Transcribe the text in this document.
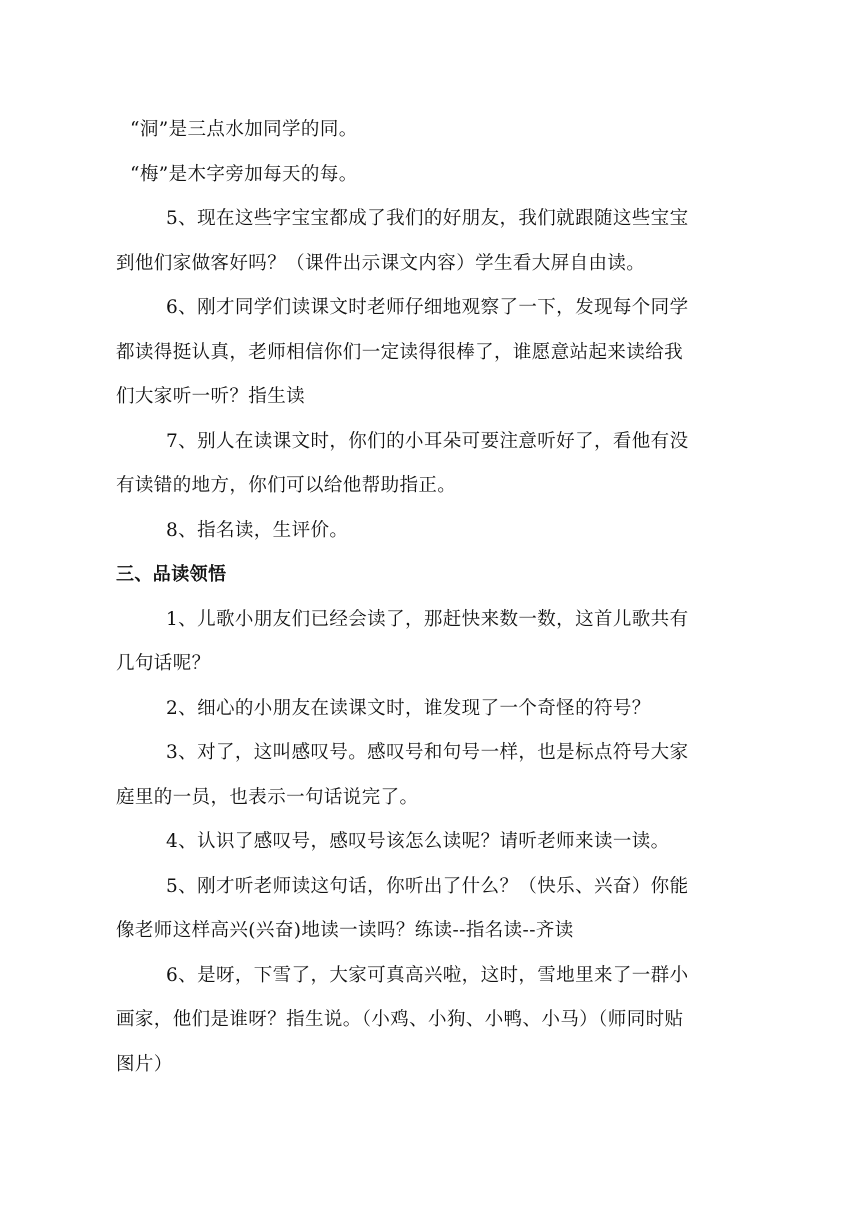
“洞”是三点水加同学的同。
“梅”是木字旁加每天的每。
5、现在这些字宝宝都成了我们的好朋友，我们就跟随这些宝宝
到他们家做客好吗？（课件出示课文内容）学生看大屏自由读。
6、刚才同学们读课文时老师仔细地观察了一下，发现每个同学
都读得挺认真，老师相信你们一定读得很棒了，谁愿意站起来读给我
们大家听一听？指生读
7、别人在读课文时，你们的小耳朵可要注意听好了，看他有没
有读错的地方，你们可以给他帮助指正。
8、指名读，生评价。
三、品读领悟
1、儿歌小朋友们已经会读了，那赶快来数一数，这首儿歌共有
几句话呢？
2、细心的小朋友在读课文时，谁发现了一个奇怪的符号？
3、对了，这叫感叹号。感叹号和句号一样，也是标点符号大家
庭里的一员，也表示一句话说完了。
4、认识了感叹号，感叹号该怎么读呢？请听老师来读一读。
5、刚才听老师读这句话，你听出了什么？（快乐、兴奋）你能
像老师这样高兴(兴奋)地读一读吗？练读--指名读--齐读
6、是呀，下雪了，大家可真高兴啦，这时，雪地里来了一群小
画家，他们是谁呀？指生说。（小鸡、小狗、小鸭、小马）（师同时贴
图片）
